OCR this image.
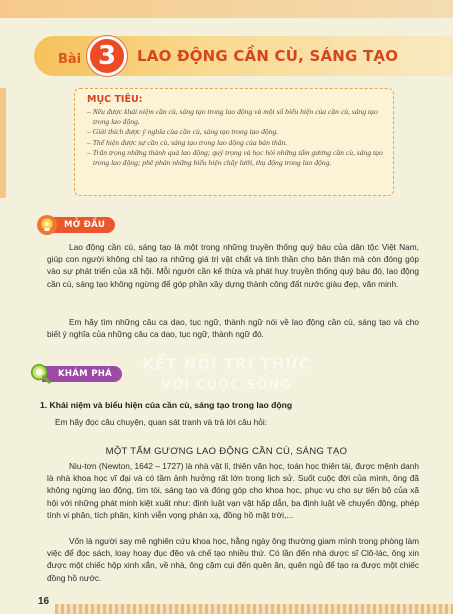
Bài 3	LAO ĐỘNG CẦN CÙ, SÁNG TẠO
MỤC TIÊU:
– Nêu được khái niệm cần cù, sáng tạo trong lao động và một số biểu hiện của cần cù, sáng tạo trong lao động.
– Giải thích được ý nghĩa của cần cù, sáng tạo trong lao động.
– Thể hiện được sự cần cù, sáng tạo trong lao động của bản thân.
– Trân trọng những thành quả lao động; quý trọng và học hỏi những tấm gương cần cù, sáng tạo trong lao động; phê phán những biểu hiện chây lười, thụ động trong lao động.
MỞ ĐẦU
Lao động cần cù, sáng tạo là một trong những truyền thống quý báu của dân tộc Việt Nam, giúp con người không chỉ tạo ra những giá trị vật chất và tinh thần cho bản thân mà còn đóng góp vào sự phát triển của xã hội. Mỗi người cần kế thừa và phát huy truyền thống quý báu đó, lao động cần cù, sáng tạo không ngừng để góp phần xây dựng thành công đất nước giàu đẹp, văn minh.
Em hãy tìm những câu ca dao, tục ngữ, thành ngữ nói về lao động cần cù, sáng tạo và cho biết ý nghĩa của những câu ca dao, tục ngữ, thành ngữ đó.
KẾT NỐI TRI THỨC
VỚI CUỘC SỐNG
KHÁM PHÁ
1. Khái niệm và biểu hiện của cần cù, sáng tạo trong lao động
Em hãy đọc câu chuyện, quan sát tranh và trả lời câu hỏi:
MỘT TẤM GƯƠNG LAO ĐỘNG CẦN CÙ, SÁNG TẠO
Niu-tơn (Newton, 1642 – 1727) là nhà vật lí, thiên văn học, toán học thiên tài, được mệnh danh là nhà khoa học vĩ đại và có tầm ảnh hưởng rất lớn trong lịch sử. Suốt cuộc đời của mình, ông đã không ngừng lao động, tìm tòi, sáng tạo và đóng góp cho khoa học, phục vụ cho sự tiến bộ của xã hội với những phát minh kiệt xuất như: định luật vạn vật hấp dẫn, ba định luật về chuyển động, phép tính vi phân, tích phân, kính viễn vọng phản xạ, đồng hồ mặt trời,...
Vốn là người say mê nghiên cứu khoa học, hằng ngày ông thường giam mình trong phòng làm việc để đọc sách, loay hoay đục đẽo và chế tạo nhiều thứ. Có lần đến nhà dược sĩ Clô-lác, ông xin được một chiếc hộp xinh xắn, về nhà, ông cặm cụi đến quên ăn, quên ngủ để tạo ra được một chiếc đồng hồ nước.
16
